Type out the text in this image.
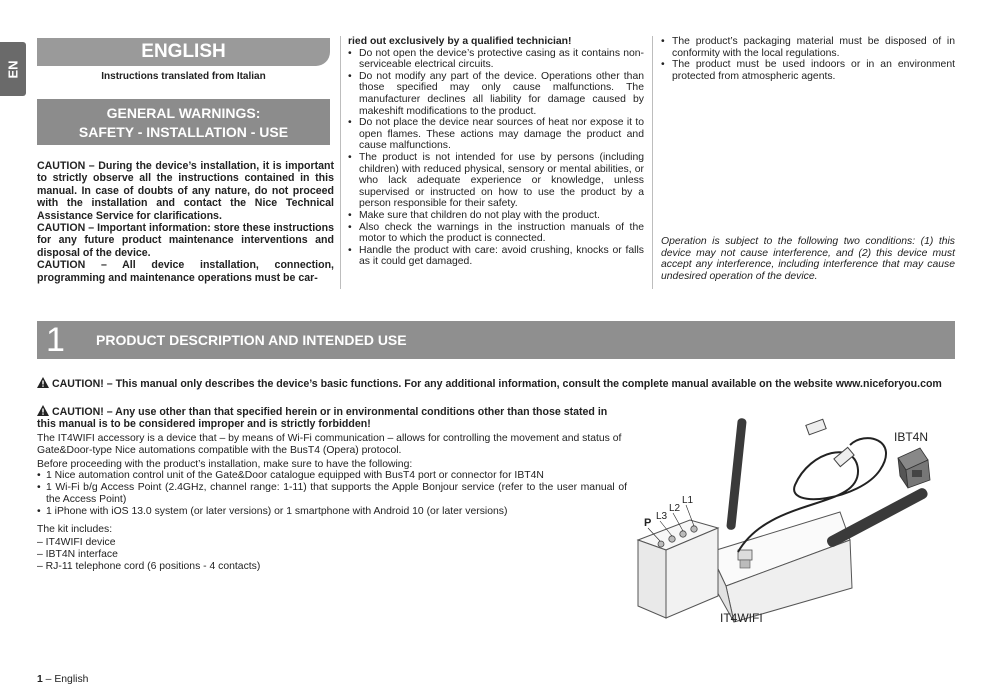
EN
ENGLISH
Instructions translated from Italian
GENERAL WARNINGS:
SAFETY - INSTALLATION - USE

CAUTION – During the device’s installation, it is important to strictly observe all the instructions contained in this manual. In case of doubts of any nature, do not proceed with the installation and contact the Nice Technical Assistance Service for clarifications.

CAUTION – Important information: store these instructions for any future product maintenance interventions and disposal of the device.

CAUTION – All device installation, connection, programming and maintenance operations must be car-

ried out exclusively by a qualified technician!
• Do not open the device’s protective casing as it contains non-serviceable electrical circuits.
• Do not modify any part of the device. Operations other than those specified may only cause malfunctions. The manufacturer declines all liability for damage caused by makeshift modifications to the product.
• Do not place the device near sources of heat nor expose it to open flames. These actions may damage the product and cause malfunctions.
• The product is not intended for use by persons (including children) with reduced physical, sensory or mental abilities, or who lack adequate experience or knowledge, unless supervised or instructed on how to use the product by a person responsible for their safety.
• Make sure that children do not play with the product.
• Also check the warnings in the instruction manuals of the motor to which the product is connected.
• Handle the product with care: avoid crushing, knocks or falls as it could get damaged.
• The product’s packaging material must be disposed of in conformity with the local regulations.
• The product must be used indoors or in an environment protected from atmospheric agents.
Operation is subject to the following two conditions: (1) this device may not cause interference, and (2) this device must accept any interference, including interference that may cause undesired operation of the device.
1 PRODUCT DESCRIPTION AND INTENDED USE
CAUTION! – This manual only describes the device’s basic functions. For any additional information, consult the complete manual available on the website www.niceforyou.com
CAUTION! – Any use other than that specified herein or in environmental conditions other than those stated in this manual is to be considered improper and is strictly forbidden!

The IT4WIFI accessory is a device that – by means of Wi-Fi communication – allows for controlling the movement and status of Gate&Door-type Nice automations compatible with the BusT4 (Opera) protocol.

Before proceeding with the product’s installation, make sure to have the following:

• 1 Nice automation control unit of the Gate&Door catalogue equipped with BusT4 port or connector for IBT4N
• 1 Wi-Fi b/g Access Point (2.4GHz, channel range: 1-11) that supports the Apple Bonjour service (refer to the user manual of the Access Point)
• 1 iPhone with iOS 13.0 system (or later versions) or 1 smartphone with Android 10 (or later versions)

The kit includes:

– IT4WIFI device
– IBT4N interface
– RJ-11 telephone cord (6 positions - 4 contacts)
IBT4N
IT4WIFI
P
L3
L2
L1
1 – English
